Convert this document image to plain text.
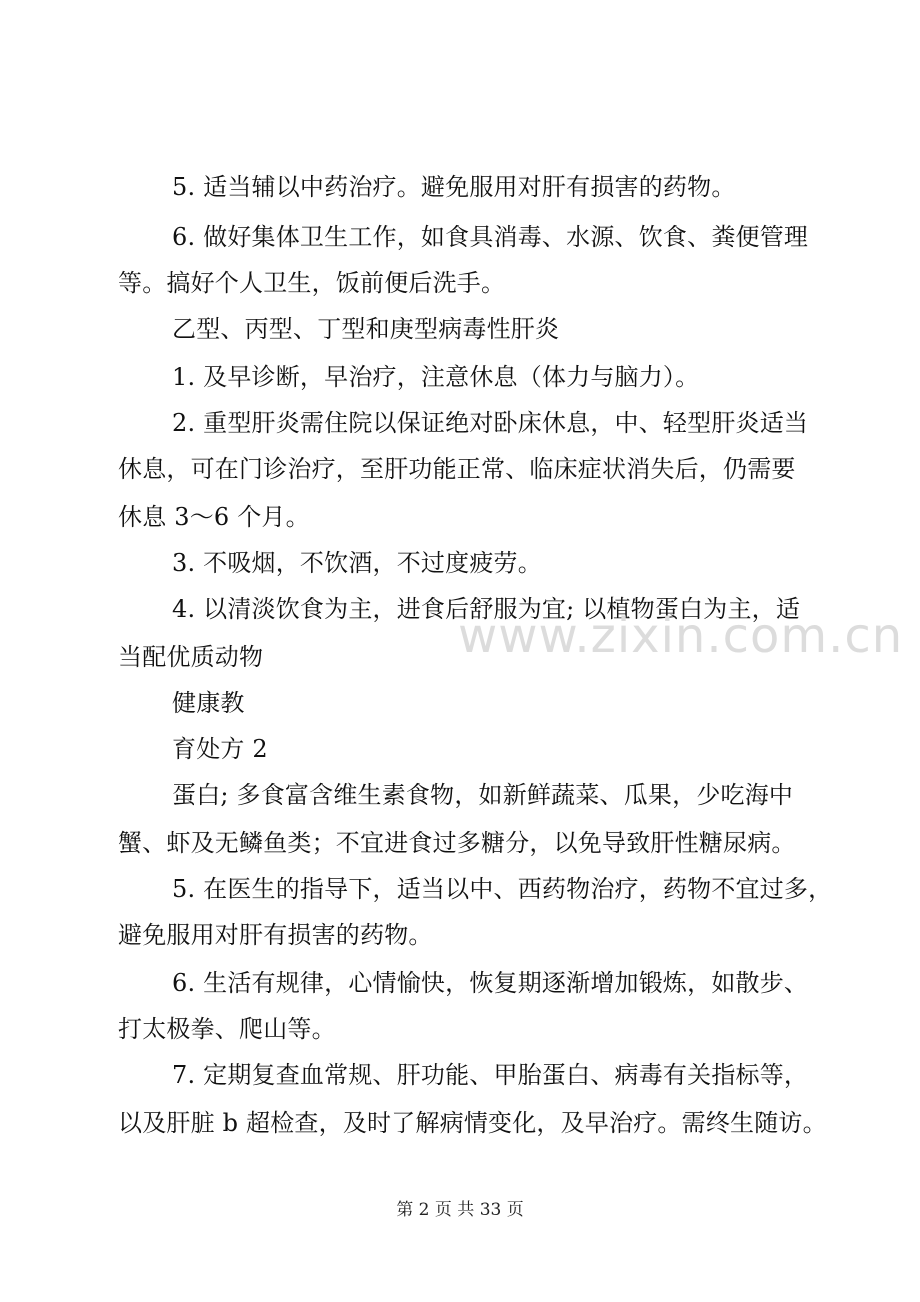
5. 适当辅以中药治疗。避免服用对肝有损害的药物。
6. 做好集体卫生工作，如食具消毒、水源、饮食、粪便管理
等。搞好个人卫生，饭前便后洗手。
乙型、丙型、丁型和庚型病毒性肝炎
1. 及早诊断，早治疗，注意休息（体力与脑力）。
2. 重型肝炎需住院以保证绝对卧床休息，中、轻型肝炎适当
休息，可在门诊治疗，至肝功能正常、临床症状消失后，仍需要
休息 3～6 个月。
3. 不吸烟，不饮酒，不过度疲劳。
4. 以清淡饮食为主，进食后舒服为宜; 以植物蛋白为主，适
当配优质动物
健康教
育处方 2
蛋白; 多食富含维生素食物，如新鲜蔬菜、瓜果，少吃海中
蟹、虾及无鳞鱼类；不宜进食过多糖分，以免导致肝性糖尿病。
5. 在医生的指导下，适当以中、西药物治疗，药物不宜过多，
避免服用对肝有损害的药物。
6. 生活有规律，心情愉快，恢复期逐渐增加锻炼，如散步、
打太极拳、爬山等。
7. 定期复查血常规、肝功能、甲胎蛋白、病毒有关指标等，
以及肝脏 b 超检查，及时了解病情变化，及早治疗。需终生随访。
www.zixin.com.cn
第 2 页 共 33 页
